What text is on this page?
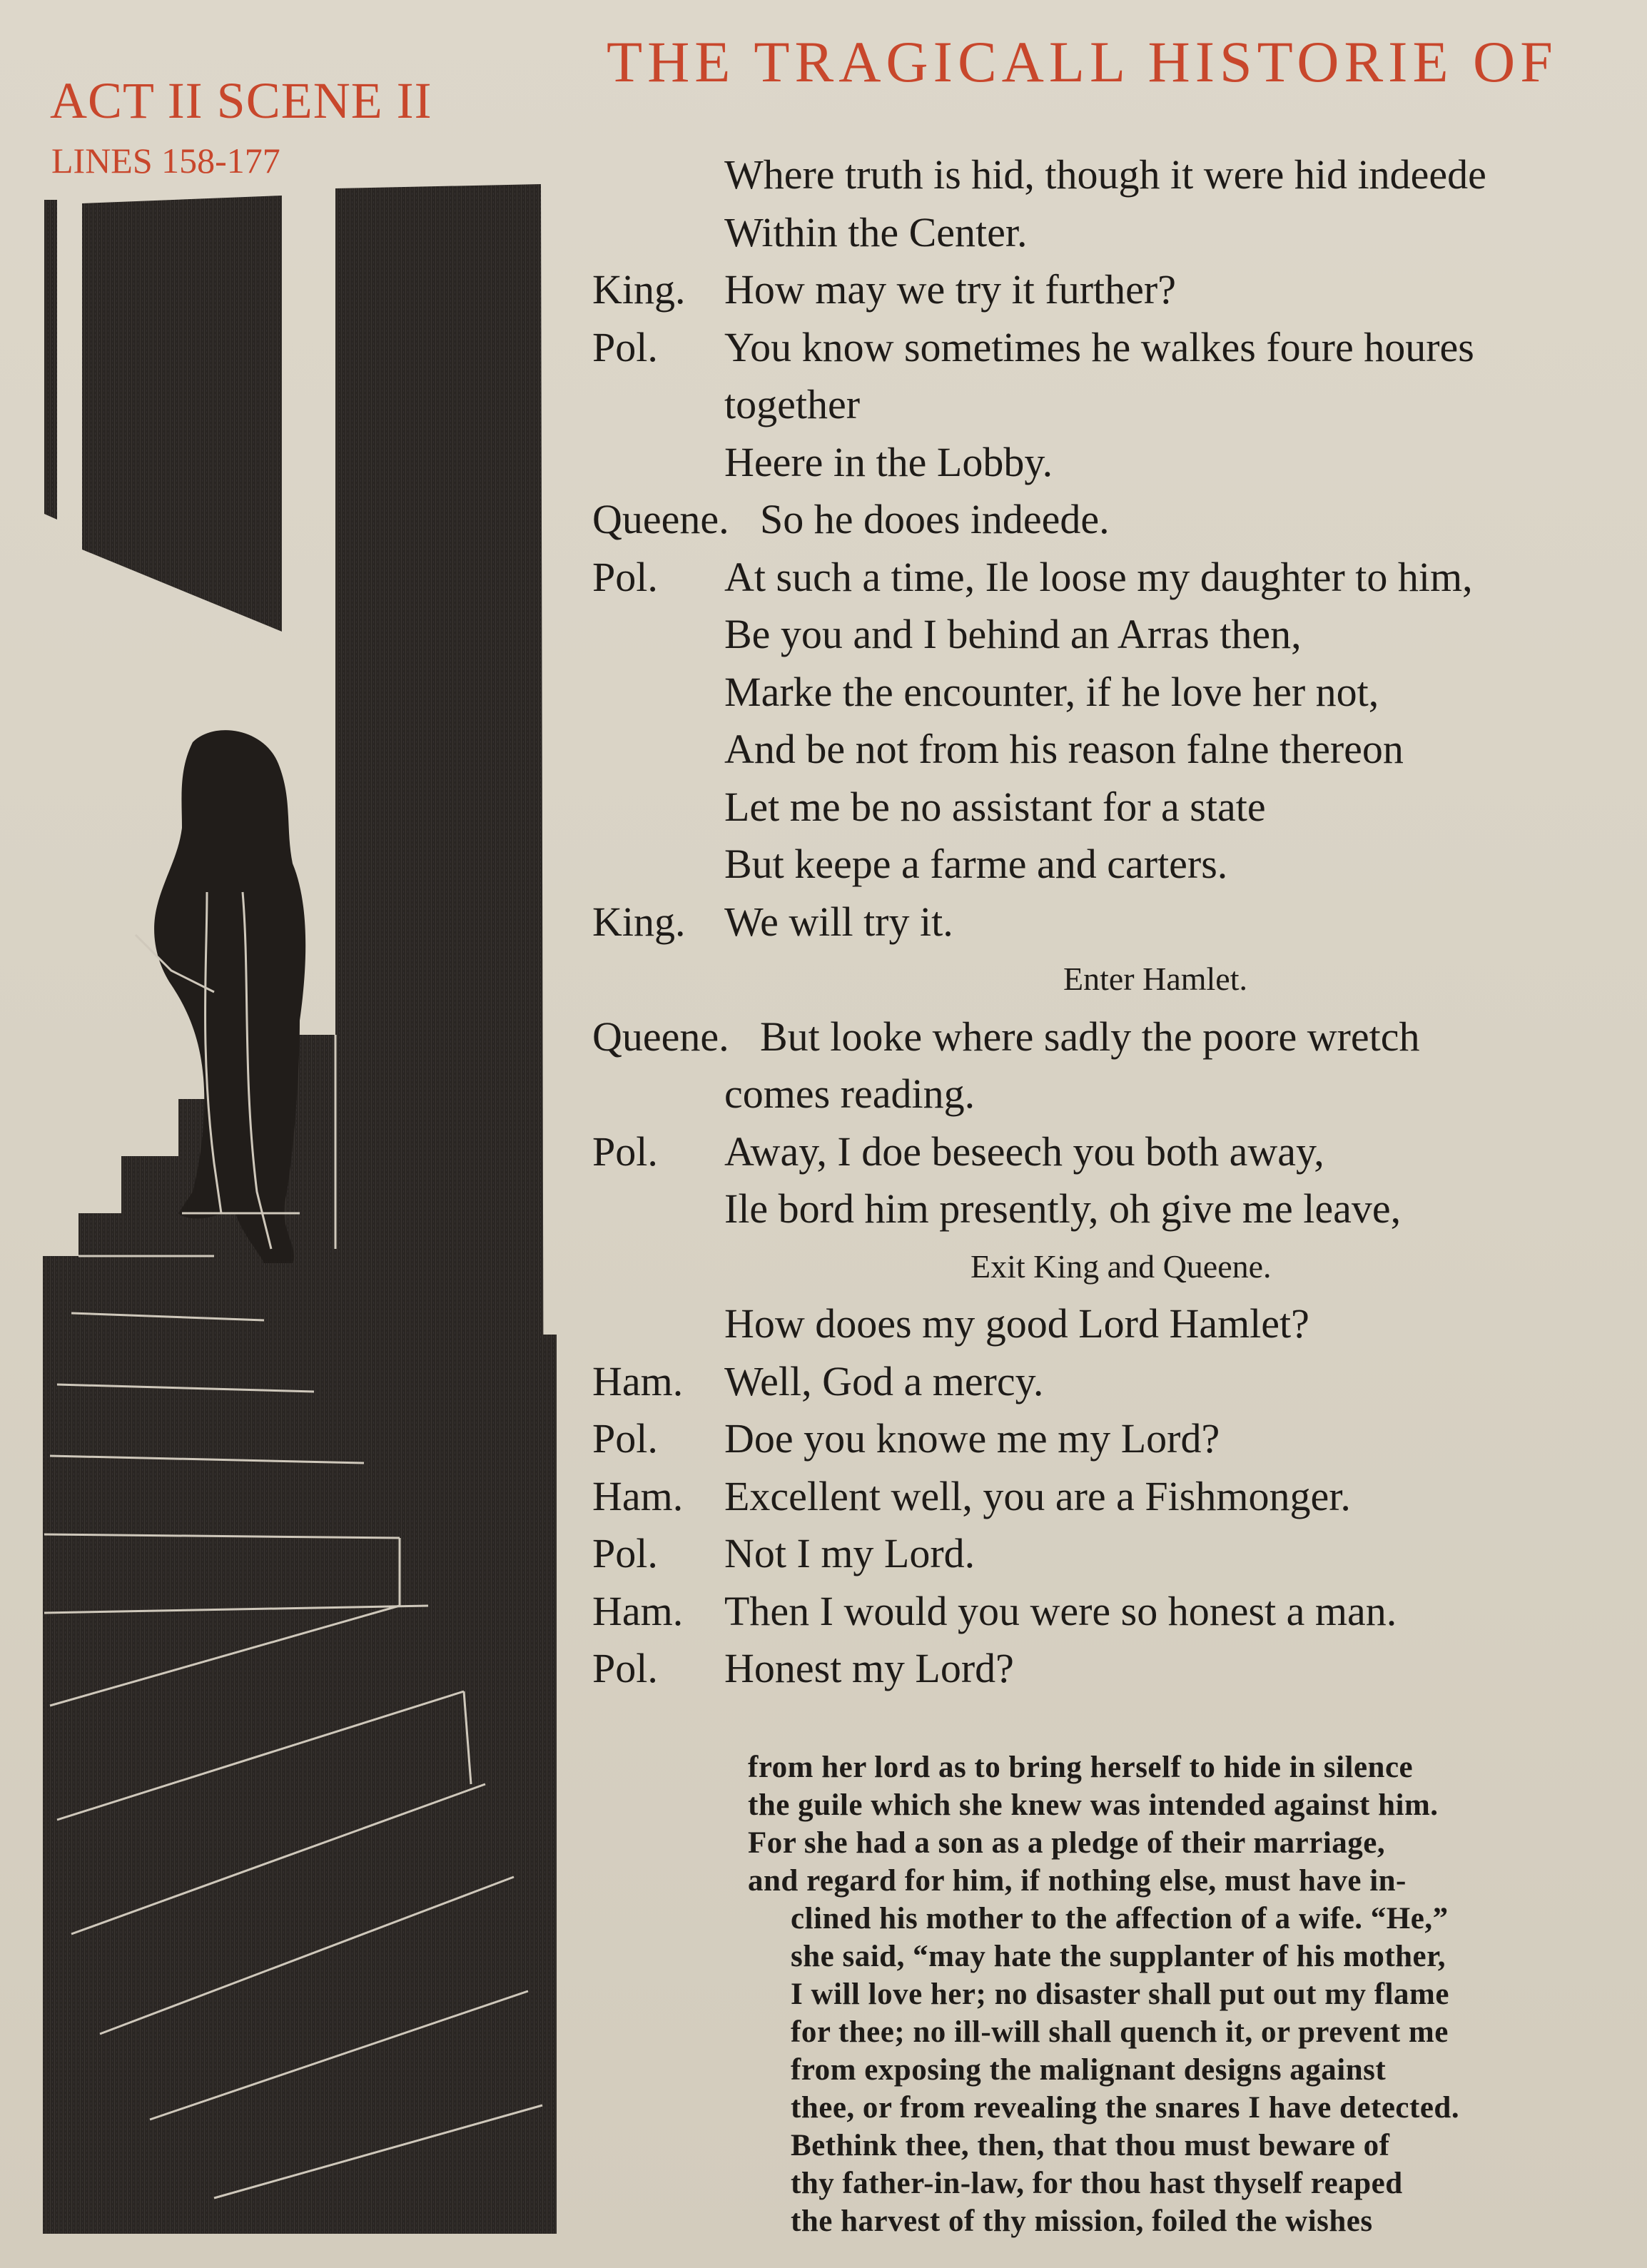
ACT II SCENE II
LINES 158-177
THE TRAGICALL HISTORIE OF
Where truth is hid, though it were hid indeede
Within the Center.
King. How may we try it further?
Pol. You know sometimes he walkes foure houres
together
Heere in the Lobby.
Queene. So he dooes indeede.
Pol. At such a time, Ile loose my daughter to him,
Be you and I behind an Arras then,
Marke the encounter, if he love her not,
And be not from his reason falne thereon
Let me be no assistant for a state
But keepe a farme and carters.
King. We will try it.
Enter Hamlet.
Queene. But looke where sadly the poore wretch
comes reading.
Pol. Away, I doe beseech you both away,
Ile bord him presently, oh give me leave,
Exit King and Queene.
How dooes my good Lord Hamlet?
Ham. Well, God a mercy.
Pol. Doe you knowe me my Lord?
Ham. Excellent well, you are a Fishmonger.
Pol. Not I my Lord.
Ham. Then I would you were so honest a man.
Pol. Honest my Lord?
from her lord as to bring herself to hide in silence
the guile which she knew was intended against him.
For she had a son as a pledge of their marriage,
and regard for him, if nothing else, must have in-
clined his mother to the affection of a wife. “He,”
she said, “may hate the supplanter of his mother,
I will love her; no disaster shall put out my flame
for thee; no ill-will shall quench it, or prevent me
from exposing the malignant designs against
thee, or from revealing the snares I have detected.
Bethink thee, then, that thou must beware of
thy father-in-law, for thou hast thyself reaped
the harvest of thy mission, foiled the wishes
